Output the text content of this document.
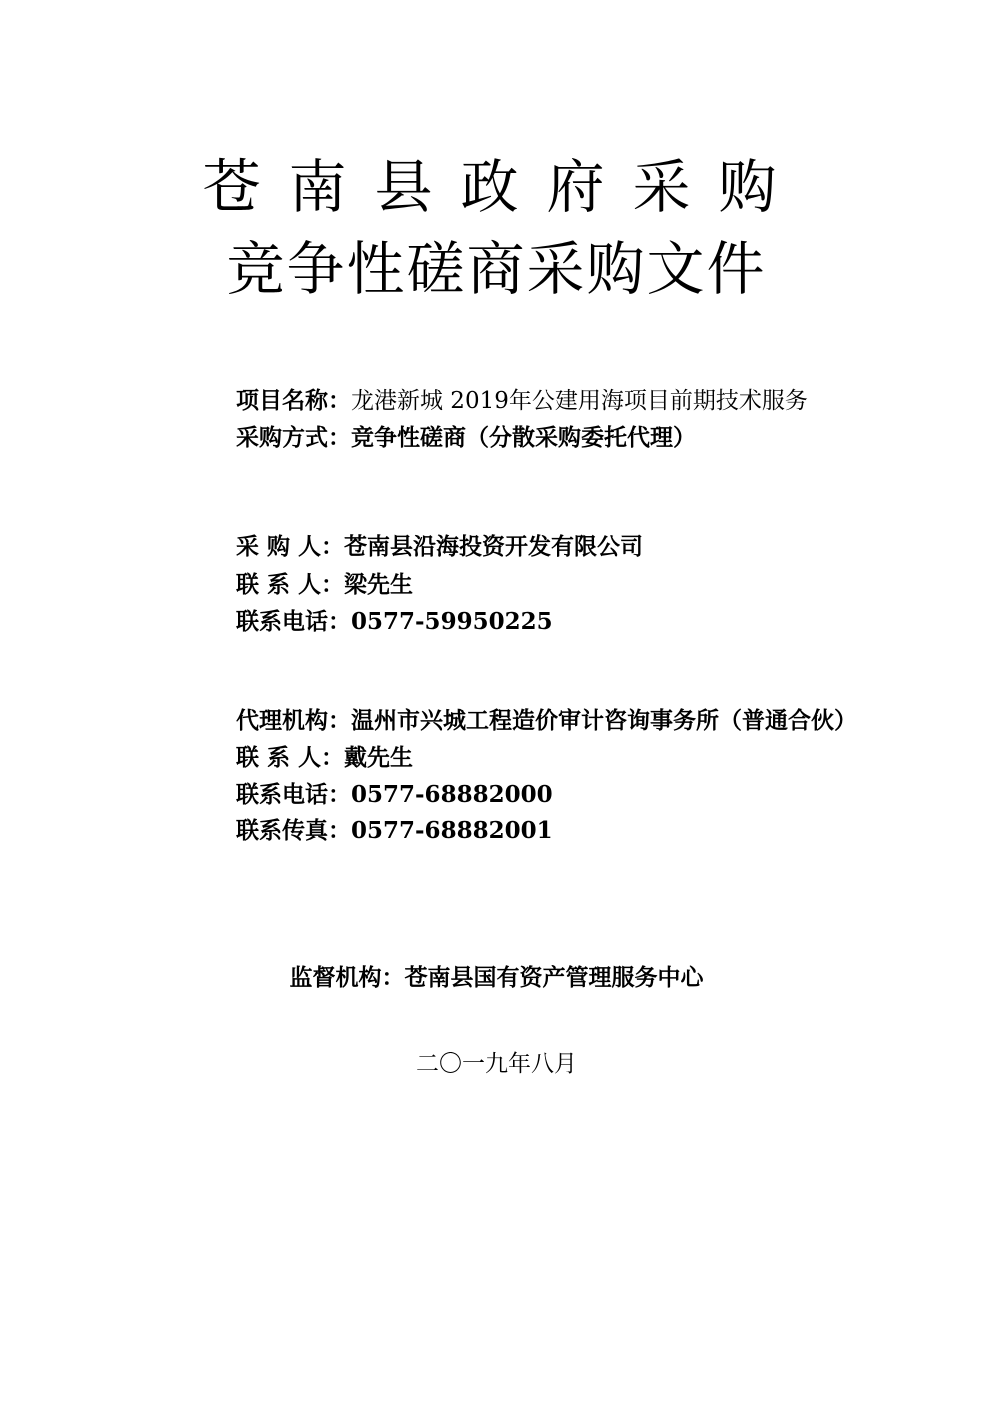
苍南县政府采购
竞争性磋商采购文件
项目名称：龙港新城 2019年公建用海项目前期技术服务
采购方式：竞争性磋商（分散采购委托代理）
采 购 人：苍南县沿海投资开发有限公司
联 系 人：梁先生
联系电话：0577-59950225
代理机构：温州市兴城工程造价审计咨询事务所（普通合伙）
联 系 人：戴先生
联系电话：0577-68882000
联系传真：0577-68882001
监督机构：苍南县国有资产管理服务中心
二〇一九年八月
